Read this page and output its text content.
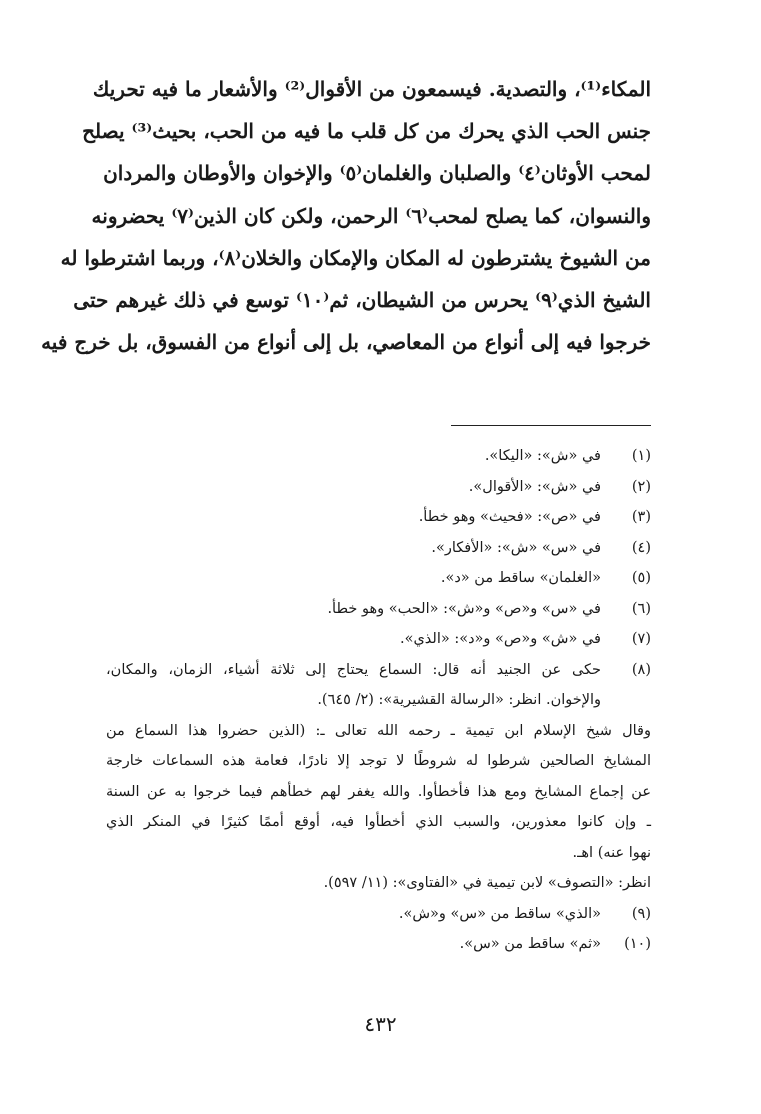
المكاء⁽¹⁾، والتصدية. فيسمعون من الأقوال⁽²⁾ والأشعار ما فيه تحريك
جنس الحب الذي يحرك من كل قلب ما فيه من الحب، بحيث⁽³⁾ يصلح
لمحب الأوثان⁽٤⁾ والصلبان والغلمان⁽٥⁾ والإخوان والأوطان والمردان
والنسوان، كما يصلح لمحب⁽٦⁾ الرحمن، ولكن كان الذين⁽٧⁾ يحضرونه
من الشيوخ يشترطون له المكان والإمكان والخلان⁽٨⁾، وربما اشترطوا له
الشيخ الذي⁽٩⁾ يحرس من الشيطان، ثم⁽١٠⁾ توسع في ذلك غيرهم حتى
خرجوا فيه إلى أنواع من المعاصي، بل إلى أنواع من الفسوق، بل خرج فيه
(١)
في «ش»: «اليكا».
(٢)
في «ش»: «الأقوال».
(٣)
في «ص»: «فحيث» وهو خطأ.
(٤)
في «س» «ش»: «الأفكار».
(٥)
«الغلمان» ساقط من «د».
(٦)
في «س» و«ص» و«ش»: «الحب» وهو خطأ.
(٧)
في «ش» و«ص» و«د»: «الذي».
(٨)
حكى عن الجنيد أنه قال: السماع يحتاج إلى ثلاثة أشياء، الزمان، والمكان،
والإخوان. انظر: «الرسالة القشيرية»: (٢/ ٦٤٥).
وقال شيخ الإسلام ابن تيمية ـ رحمه الله تعالى ـ: (الذين حضروا هذا السماع من
المشايخ الصالحين شرطوا له شروطًا لا توجد إلا نادرًا، فعامة هذه السماعات خارجة
عن إجماع المشايخ ومع هذا فأخطأوا. والله يغفر لهم خطأهم فيما خرجوا به عن السنة
ـ وإن كانوا معذورين، والسبب الذي أخطأوا فيه، أوقع أممًا كثيرًا في المنكر الذي
نهوا عنه) اهـ.
انظر: «التصوف» لابن تيمية في «الفتاوى»: (١١/ ٥٩٧).
(٩)
«الذي» ساقط من «س» و«ش».
(١٠)
«ثم» ساقط من «س».
٤٣٢
